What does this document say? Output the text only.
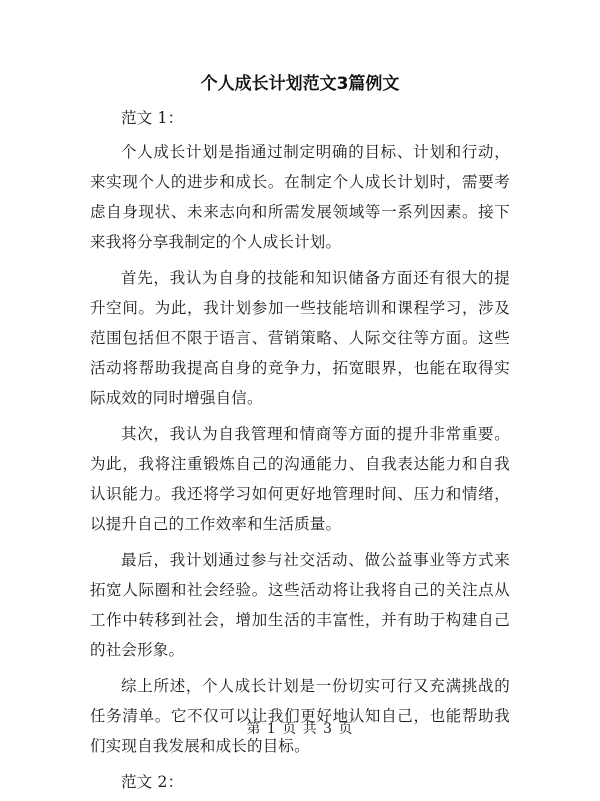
个人成长计划范文3篇例文

范文 1：

个人成长计划是指通过制定明确的目标、计划和行动，来实现个人的进步和成长。在制定个人成长计划时，需要考虑自身现状、未来志向和所需发展领域等一系列因素。接下来我将分享我制定的个人成长计划。

首先，我认为自身的技能和知识储备方面还有很大的提升空间。为此，我计划参加一些技能培训和课程学习，涉及范围包括但不限于语言、营销策略、人际交往等方面。这些活动将帮助我提高自身的竞争力，拓宽眼界，也能在取得实际成效的同时增强自信。

其次，我认为自我管理和情商等方面的提升非常重要。为此，我将注重锻炼自己的沟通能力、自我表达能力和自我认识能力。我还将学习如何更好地管理时间、压力和情绪，以提升自己的工作效率和生活质量。

最后，我计划通过参与社交活动、做公益事业等方式来拓宽人际圈和社会经验。这些活动将让我将自己的关注点从工作中转移到社会，增加生活的丰富性，并有助于构建自己的社会形象。

综上所述，个人成长计划是一份切实可行又充满挑战的任务清单。它不仅可以让我们更好地认知自己，也能帮助我们实现自我发展和成长的目标。

范文 2：

第 1 页 共 3 页
